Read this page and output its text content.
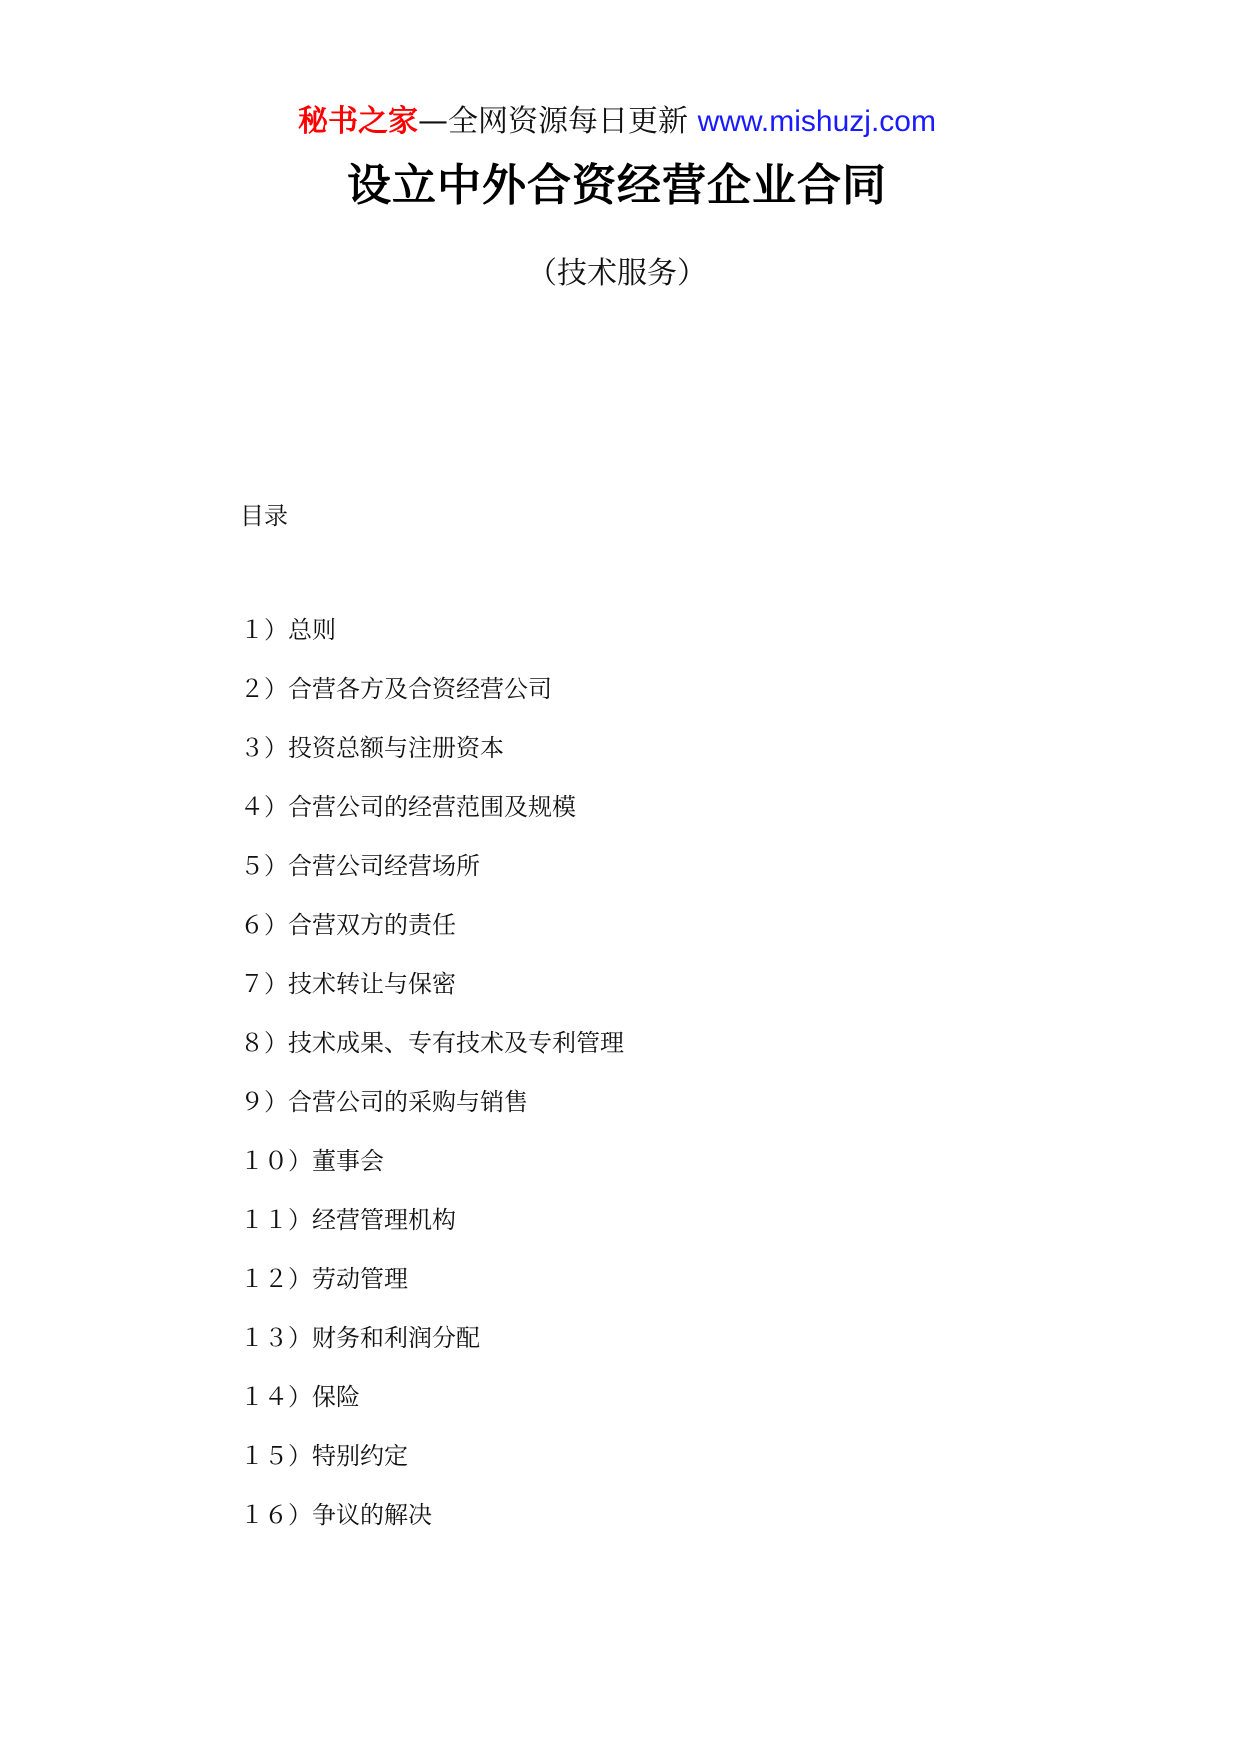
秘书之家—全网资源每日更新 www.mishuzj.com
设立中外合资经营企业合同
（技术服务）
目录
１）总则
２）合营各方及合资经营公司
３）投资总额与注册资本
４）合营公司的经营范围及规模
５）合营公司经营场所
６）合营双方的责任
７）技术转让与保密
８）技术成果、专有技术及专利管理
９）合营公司的采购与销售
１０）董事会
１１）经营管理机构
１２）劳动管理
１３）财务和利润分配
１４）保险
１５）特别约定
１６）争议的解决
